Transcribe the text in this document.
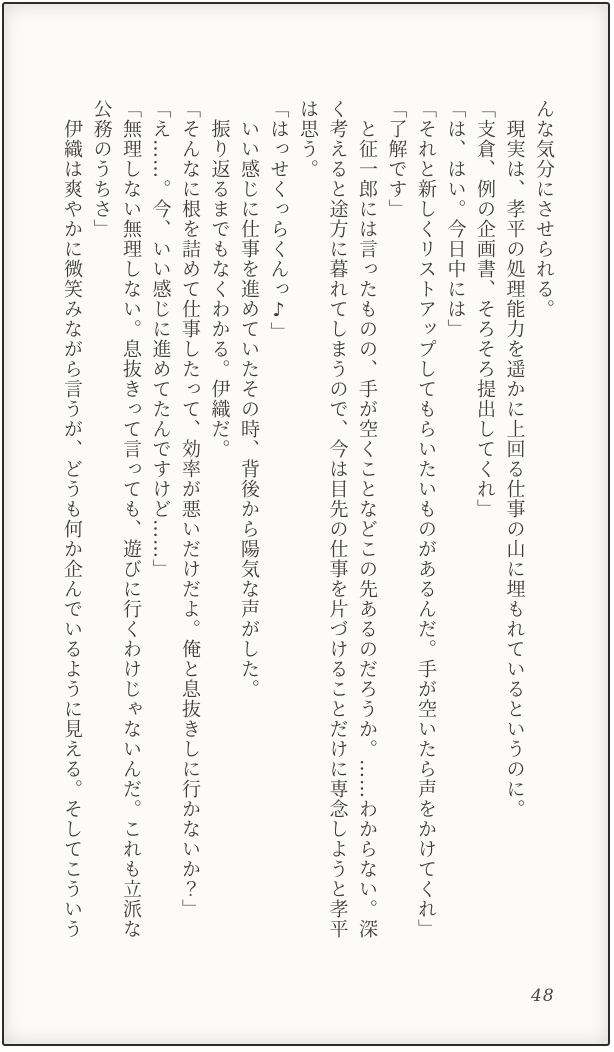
んな気分にさせられる。

　現実は、孝平の処理能力を遥かに上回る仕事の山に埋もれているというのに。

「支倉、例の企画書、そろそろ提出してくれ」

「は、はい。今日中には」

「それと新しくリストアップしてもらいたいものがあるんだ。手が空いたら声をかけてくれ」

「了解です」

　と征一郎には言ったものの、手が空くことなどこの先あるのだろうか。……わからない。深

く考えると途方に暮れてしまうので、今は目先の仕事を片づけることだけに専念しようと孝平

は思う。

「はっせくっらくんっ♪」

　いい感じに仕事を進めていたその時、背後から陽気な声がした。

　振り返るまでもなくわかる。伊織だ。

「そんなに根を詰めて仕事したって、効率が悪いだけだよ。俺と息抜きしに行かないか？」

「え……。今、いい感じに進めてたんですけど……」

「無理しない無理しない。息抜きって言っても、遊びに行くわけじゃないんだ。これも立派な

公務のうちさ」

　伊織は爽やかに微笑みながら言うが、どうも何か企んでいるように見える。そしてこういう

48
